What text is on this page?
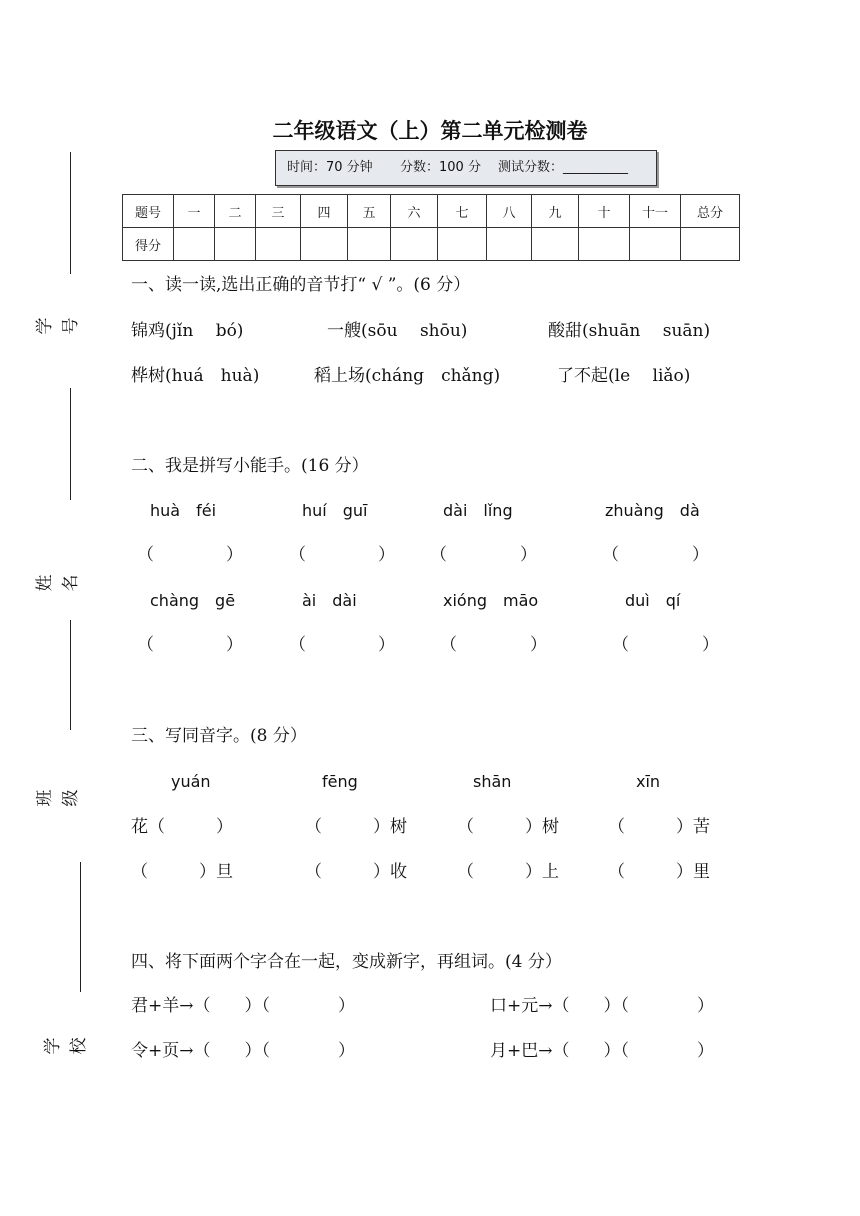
学 号
姓 名
班 级
学 校
二年级语文（上）第二单元检测卷
时间：70 分钟 分数：100 分 测试分数：__________
题号	一	二	三	四	五	六	七	八	九	十	十一	总分
得分												
一、读一读,选出正确的音节打“ √ ”。(6 分）
锦鸡(jǐn　 bó)	一艘(sōu　 shōu)	酸甜(shuān　 suān)
桦树(huá　huà)	稻上场(cháng　chǎng)	了不起(le　 liǎo)
二、我是拼写小能手。(16 分）
huà　féi	huí　guī	dài　lǐng	zhuàng　dà
（	）	（	） （	）	（	）
chàng　gē	ài　dài	xióng　māo	duì　qí
（	）	（	）	（	）	（	）
三、写同音字。(8 分）
yuán	fēng	shān	xīn
花（　　　）	（　　　）树	（　　　）树	（　　　）苦
（　　　）旦	（　　　）收	（　　　）上	（　　　）里
四、将下面两个字合在一起，变成新字，再组词。(4 分）
君+羊→（　　）（　　　　）	口+元→（　　）（　　　　）
令+页→（　　）（　　　　）	月+巴→（　　）（　　　　）
